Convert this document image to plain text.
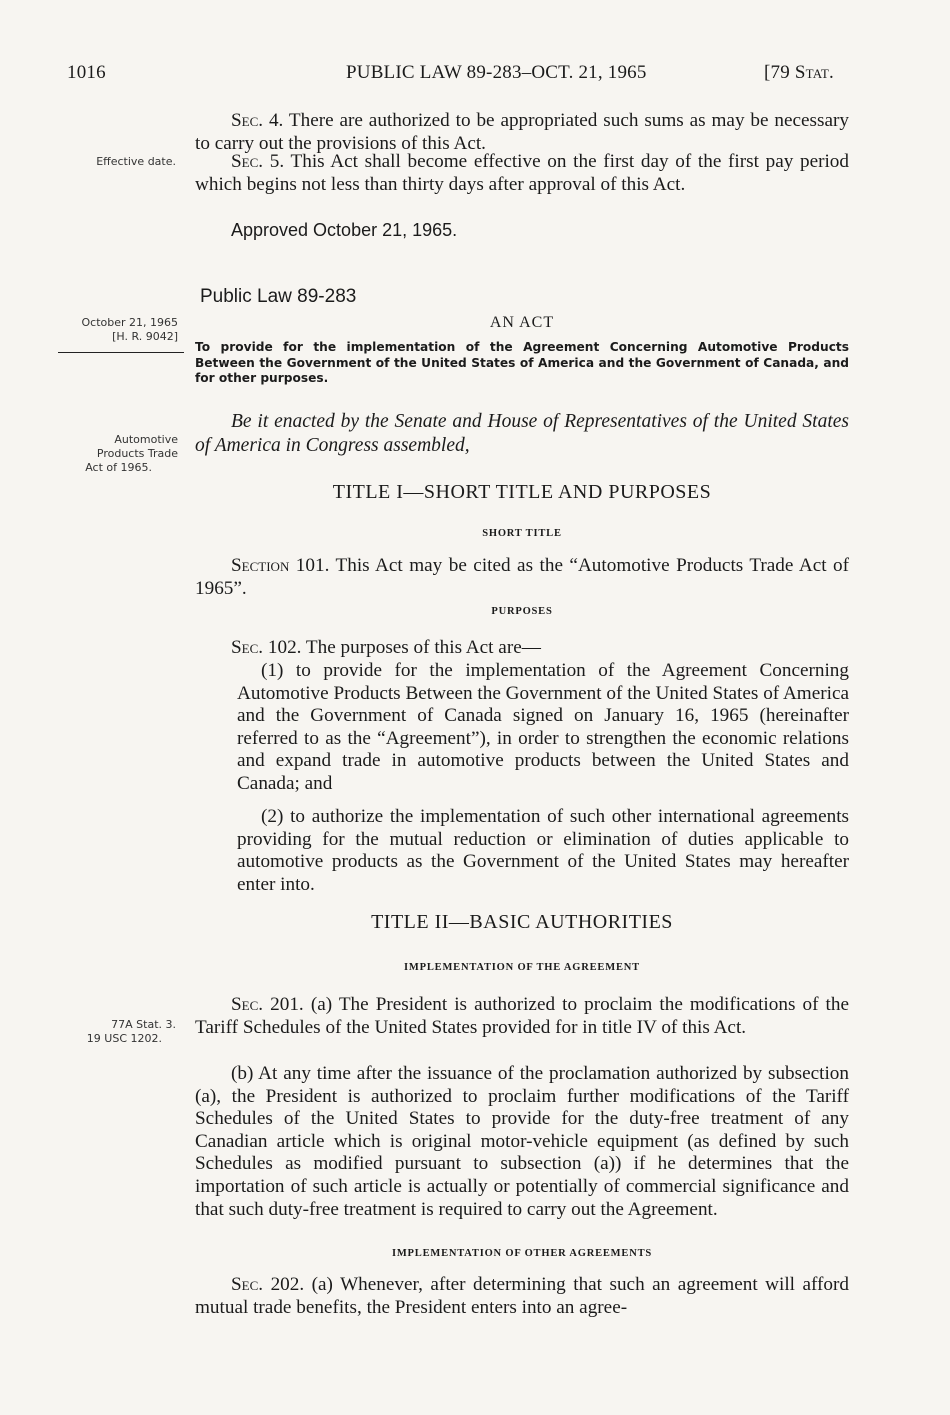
1016	PUBLIC LAW 89-283–OCT. 21, 1965	[79 Stat.
Sec. 4. There are authorized to be appropriated such sums as may be necessary to carry out the provisions of this Act.
Effective date.	Sec. 5. This Act shall become effective on the first day of the first pay period which begins not less than thirty days after approval of this Act.
Approved October 21, 1965.
Public Law 89-283
October 21, 1965
[H. R. 9042]
AN ACT
To provide for the implementation of the Agreement Concerning Automotive Products Between the Government of the United States of America and the Government of Canada, and for other purposes.
Automotive
Products Trade
Act of 1965.
Be it enacted by the Senate and House of Representatives of the United States of America in Congress assembled,
TITLE I—SHORT TITLE AND PURPOSES
SHORT TITLE
Section 101. This Act may be cited as the “Automotive Products Trade Act of 1965”.
PURPOSES
Sec. 102. The purposes of this Act are—
(1) to provide for the implementation of the Agreement Concerning Automotive Products Between the Government of the United States of America and the Government of Canada signed on January 16, 1965 (hereinafter referred to as the “Agreement”), in order to strengthen the economic relations and expand trade in automotive products between the United States and Canada; and
(2) to authorize the implementation of such other international agreements providing for the mutual reduction or elimination of duties applicable to automotive products as the Government of the United States may hereafter enter into.
TITLE II—BASIC AUTHORITIES
IMPLEMENTATION OF THE AGREEMENT
77A Stat. 3.
19 USC 1202.
Sec. 201. (a) The President is authorized to proclaim the modifications of the Tariff Schedules of the United States provided for in title IV of this Act.
(b) At any time after the issuance of the proclamation authorized by subsection (a), the President is authorized to proclaim further modifications of the Tariff Schedules of the United States to provide for the duty-free treatment of any Canadian article which is original motor-vehicle equipment (as defined by such Schedules as modified pursuant to subsection (a)) if he determines that the importation of such article is actually or potentially of commercial significance and that such duty-free treatment is required to carry out the Agreement.
IMPLEMENTATION OF OTHER AGREEMENTS
Sec. 202. (a) Whenever, after determining that such an agreement will afford mutual trade benefits, the President enters into an agree-
